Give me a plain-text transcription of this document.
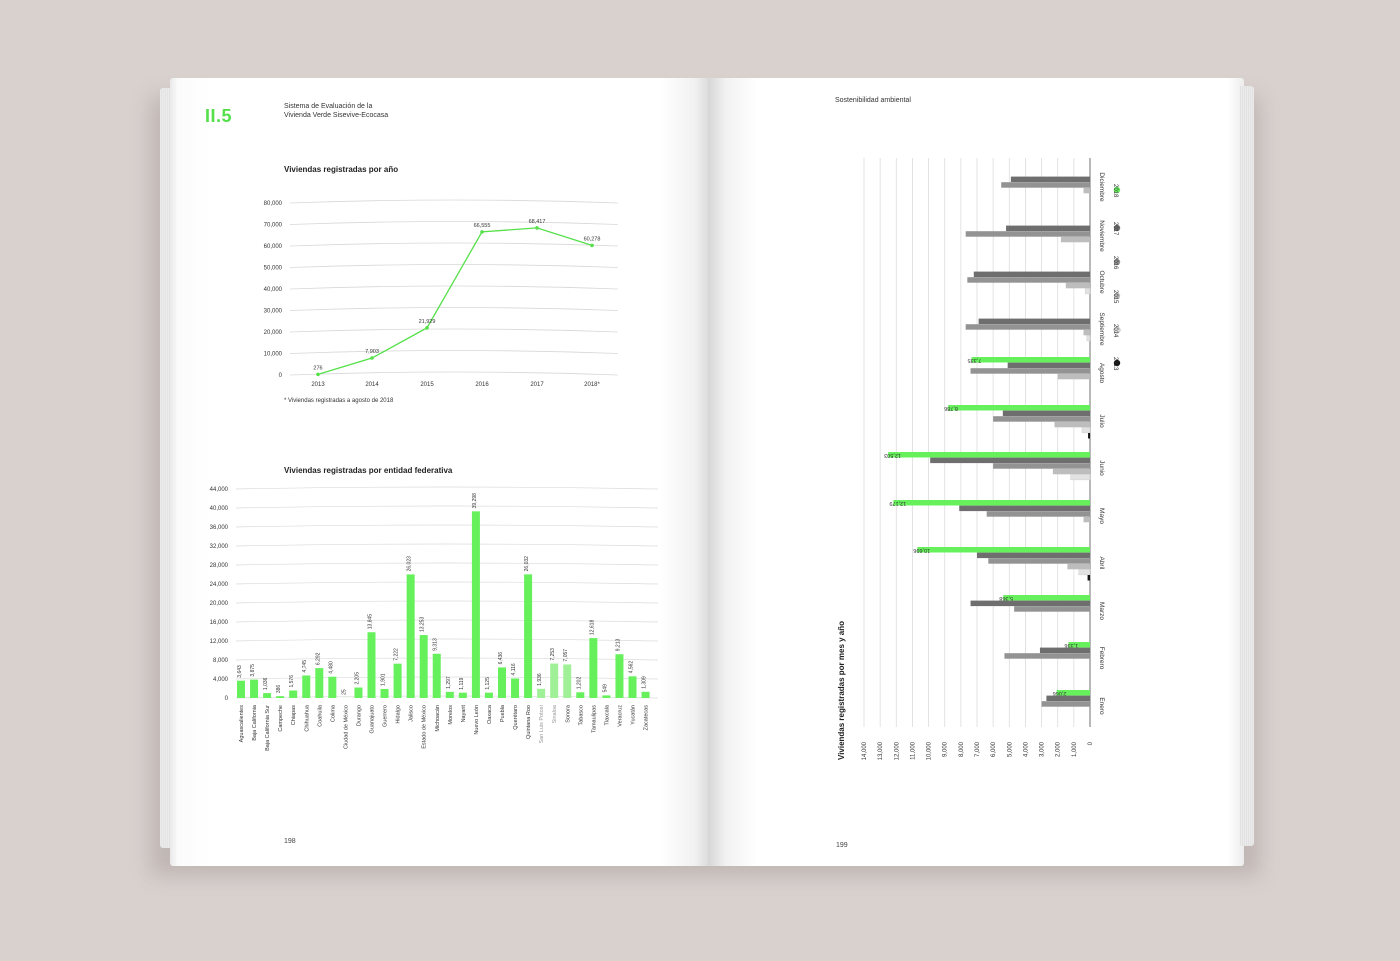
II.5	Sistema de Evaluación de la
Vivienda Verde Sisevive-Ecocasa
Sostenibilidad ambiental
198
199
Viviendas registradas por año
* Viviendas registradas a agosto de 2018
0
10,000
20,000
30,000
40,000
50,000
60,000
70,000
80,000
276
2013
7,903
2014
21,929
2015
66,555
2016
68,417
2017
60,278
2018*
Viviendas registradas por entidad federativa
0
4,000
8,000
12,000
16,000
20,000
24,000
28,000
32,000
36,000
40,000
44,000
3,643
Aguascalientes
3,875
Baja California
1,036
Baja California Sur
386
Campeche
1,576
Chiapas
4,745
Chihuahua
6,292
Coahuila
4,480
Colima
25
Ciudad de México
2,205
Durango
13,845
Guanajuato
1,901
Guerrero
7,222
Hidalgo
26,023
Jalisco
13,253
Estado de México
9,313
Michoacán
1,297
Morelos
1,119
Nayarit
39,298
Nuevo León
1,125
Oaxaca
6,436
Puebla
4,116
Querétaro
26,032
Quintana Roo
1,936
San Luis Potosí
7,253
Sinaloa
7,057
Sonora
1,202
Tabasco
12,618
Tamaulipas
549
Tlaxcala
9,213
Veracruz
4,562
Yucatán
1,309
Zacatecas
0
1,000
2,000
3,000
4,000
5,000
6,000
7,000
8,000
9,000
10,000
11,000
12,000
13,000
14,000
2,066
Enero
1,336
Febrero
5,368
Marzo
10,696
Abril
12,179
Mayo
12,503
Junio
8,786
Julio
7,335
Agosto
Septiembre
Octubre
Noviembre
Diciembre
2013
2014
2015
2016
2017
2018
Viviendas registradas por mes y año
